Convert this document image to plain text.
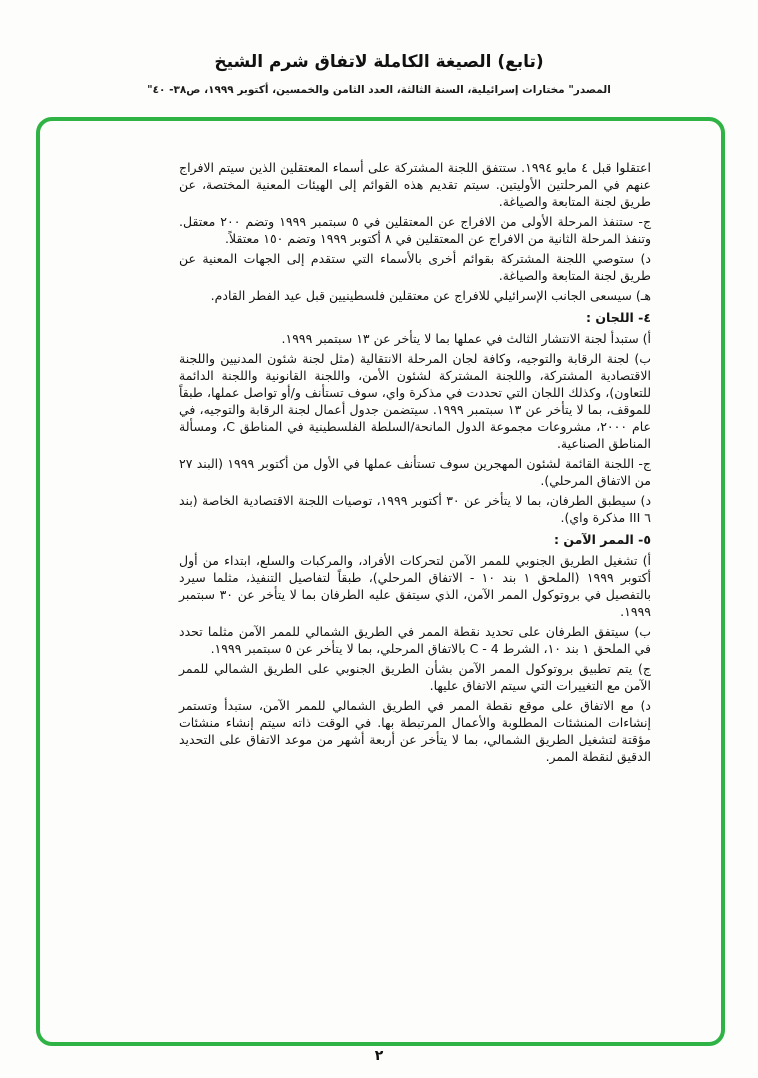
(تابع) الصيغة الكاملة لاتفاق شرم الشيخ
المصدر" مختارات إسرائيلية، السنة الثالثة، العدد الثامن والخمسين، أكتوبر ١٩٩٩، ص٣٨- ٤٠"

اعتقلوا قبل ٤ مايو ١٩٩٤. ستتفق اللجنة المشتركة على أسماء المعتقلين الذين سيتم الافراج عنهم في المرحلتين الأوليتين. سيتم تقديم هذه القوائم إلى الهيئات المعنية المختصة، عن طريق لجنة المتابعة والصياغة.

ج- ستنفذ المرحلة الأولى من الافراج عن المعتقلين في ٥ سبتمبر ١٩٩٩ وتضم ٢٠٠ معتقل. وتنفذ المرحلة الثانية من الافراج عن المعتقلين في ٨ أكتوبر ١٩٩٩ وتضم ١٥٠ معتقلاً.

د) ستوصي اللجنة المشتركة بقوائم أخرى بالأسماء التي ستقدم إلى الجهات المعنية عن طريق لجنة المتابعة والصياغة.

هـ) سيسعى الجانب الإسرائيلي للافراج عن معتقلين فلسطينيين قبل عيد الفطر القادم.

٤- اللجان :

أ) ستبدأ لجنة الانتشار الثالث في عملها بما لا يتأخر عن ١٣ سبتمبر ١٩٩٩.

ب) لجنة الرقابة والتوجيه، وكافة لجان المرحلة الانتقالية (مثل لجنة شئون المدنيين واللجنة الاقتصادية المشتركة، واللجنة المشتركة لشئون الأمن، واللجنة القانونية واللجنة الدائمة للتعاون)، وكذلك اللجان التي تحددت في مذكرة واي، سوف تستأنف و/أو تواصل عملها، طبقاً للموقف، بما لا يتأخر عن ١٣ سبتمبر ١٩٩٩. سيتضمن جدول أعمال لجنة الرقابة والتوجيه، في عام ٢٠٠٠، مشروعات مجموعة الدول المانحة/السلطة الفلسطينية في المناطق C، ومسألة المناطق الصناعية.

ج- اللجنة القائمة لشئون المهجرين سوف تستأنف عملها في الأول من أكتوبر ١٩٩٩ (البند ٢٧ من الاتفاق المرحلي).

د) سيطبق الطرفان، بما لا يتأخر عن ٣٠ أكتوبر ١٩٩٩، توصيات اللجنة الاقتصادية الخاصة (بند ٦ III مذكرة واي).

٥- الممر الآمن :

أ) تشغيل الطريق الجنوبي للممر الآمن لتحركات الأفراد، والمركبات والسلع، ابتداء من أول أكتوبر ١٩٩٩ (الملحق ١ بند ١٠ - الاتفاق المرحلي)، طبقاً لتفاصيل التنفيذ، مثلما سيرد بالتفصيل في بروتوكول الممر الآمن، الذي سيتفق عليه الطرفان بما لا يتأخر عن ٣٠ سبتمبر ١٩٩٩.

ب) سيتفق الطرفان على تحديد نقطة الممر في الطريق الشمالي للممر الآمن مثلما تحدد في الملحق ١ بند ١٠، الشرط C - 4 بالاتفاق المرحلي، بما لا يتأخر عن ٥ سبتمبر ١٩٩٩.

ج) يتم تطبيق بروتوكول الممر الآمن بشأن الطريق الجنوبي على الطريق الشمالي للممر الآمن مع التغييرات التي سيتم الاتفاق عليها.

د) مع الاتفاق على موقع نقطة الممر في الطريق الشمالي للممر الآمن، ستبدأ وتستمر إنشاءات المنشئات المطلوبة والأعمال المرتبطة بها. في الوقت ذاته سيتم إنشاء منشئات مؤقتة لتشغيل الطريق الشمالي، بما لا يتأخر عن أربعة أشهر من موعد الاتفاق على التحديد الدقيق لنقطة الممر.

٢
